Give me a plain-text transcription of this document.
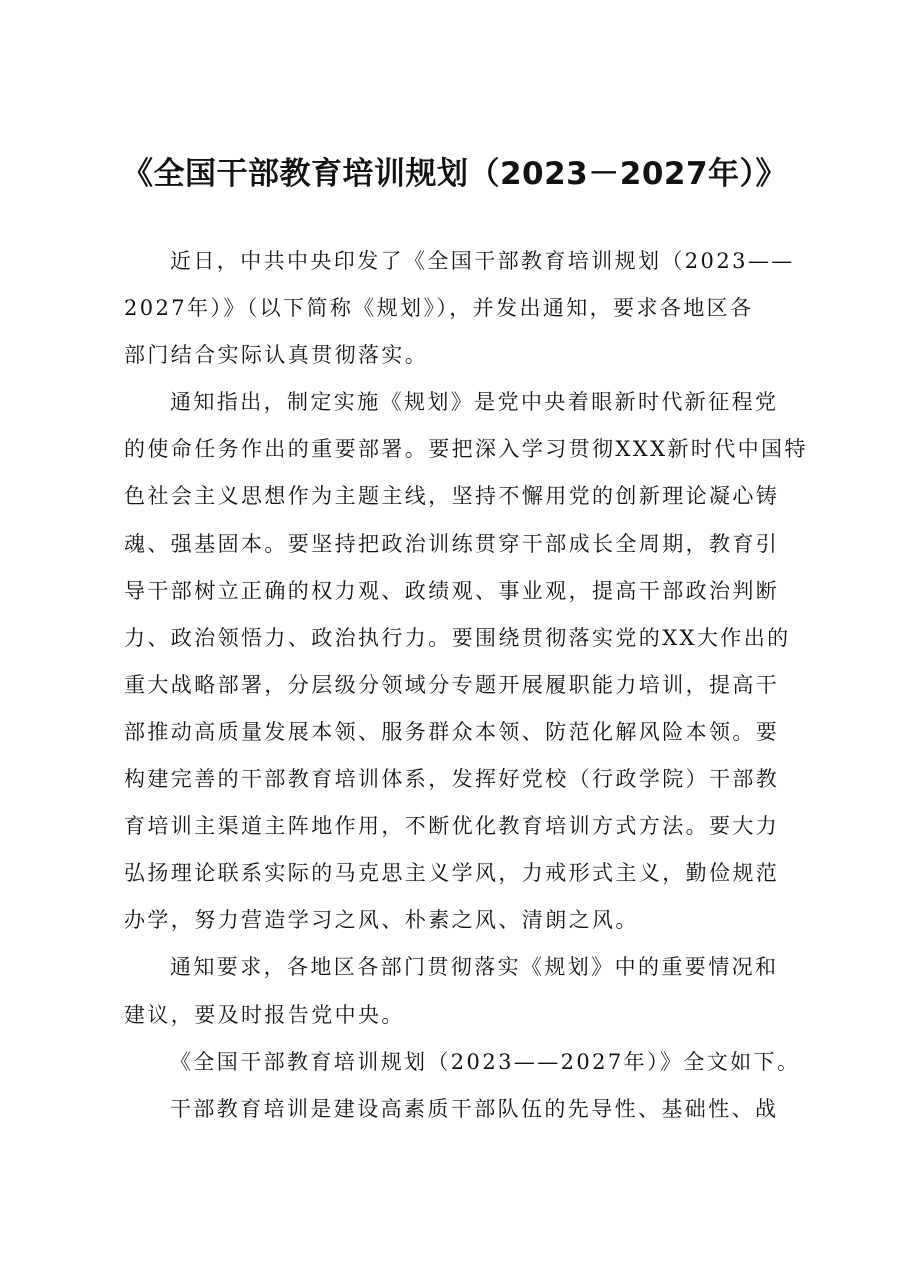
《全国干部教育培训规划（2023－2027年）》
近日，中共中央印发了《全国干部教育培训规划（2023——
2027年）》（以下简称《规划》），并发出通知，要求各地区各
部门结合实际认真贯彻落实。
通知指出，制定实施《规划》是党中央着眼新时代新征程党
的使命任务作出的重要部署。要把深入学习贯彻XXX新时代中国特
色社会主义思想作为主题主线，坚持不懈用党的创新理论凝心铸
魂、强基固本。要坚持把政治训练贯穿干部成长全周期，教育引
导干部树立正确的权力观、政绩观、事业观，提高干部政治判断
力、政治领悟力、政治执行力。要围绕贯彻落实党的XX大作出的
重大战略部署，分层级分领域分专题开展履职能力培训，提高干
部推动高质量发展本领、服务群众本领、防范化解风险本领。要
构建完善的干部教育培训体系，发挥好党校（行政学院）干部教
育培训主渠道主阵地作用，不断优化教育培训方式方法。要大力
弘扬理论联系实际的马克思主义学风，力戒形式主义，勤俭规范
办学，努力营造学习之风、朴素之风、清朗之风。
通知要求，各地区各部门贯彻落实《规划》中的重要情况和
建议，要及时报告党中央。
《全国干部教育培训规划（2023——2027年）》全文如下。
干部教育培训是建设高素质干部队伍的先导性、基础性、战
